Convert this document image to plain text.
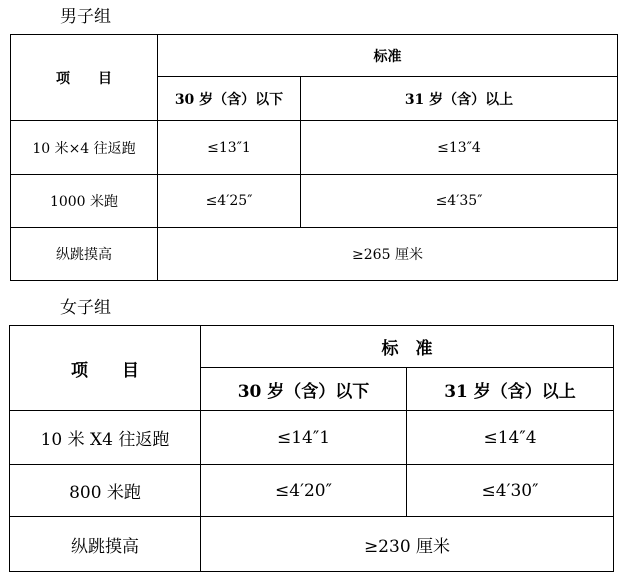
男子组
项　　目	标准	
	30 岁（含）以下	31 岁（含）以上
10 米×4 往返跑	≤13″1	≤13″4
1000 米跑	≤4′25″	≤4′35″
纵跳摸高	≥265 厘米	
女子组
项　　目	标　准	
	30 岁（含）以下	31 岁（含）以上
10 米 X4 往返跑	≤14″1	≤14″4
800 米跑	≤4′20″	≤4′30″
纵跳摸高	≥230 厘米	
